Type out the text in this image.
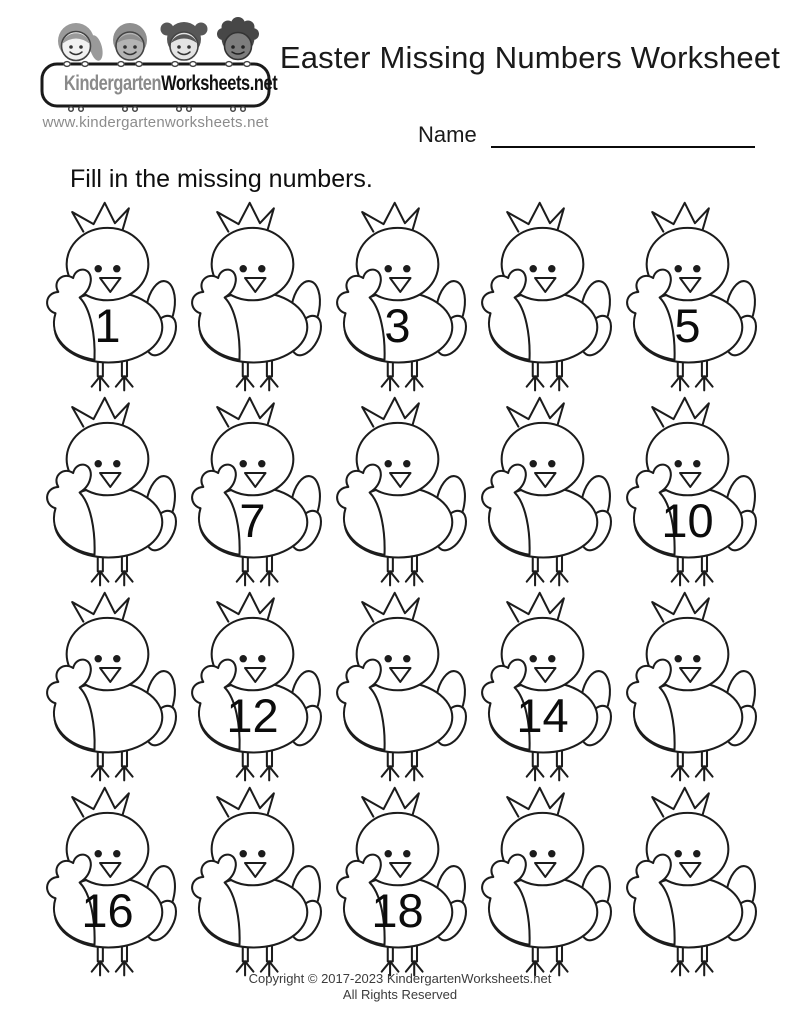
KindergartenWorksheets.net
www.kindergartenworksheets.net
Easter Missing Numbers Worksheet
Name
Fill in the missing numbers.
1	3	5
7	10
12	14
16	18
Copyright © 2017-2023 KindergartenWorksheets.net
All Rights Reserved
